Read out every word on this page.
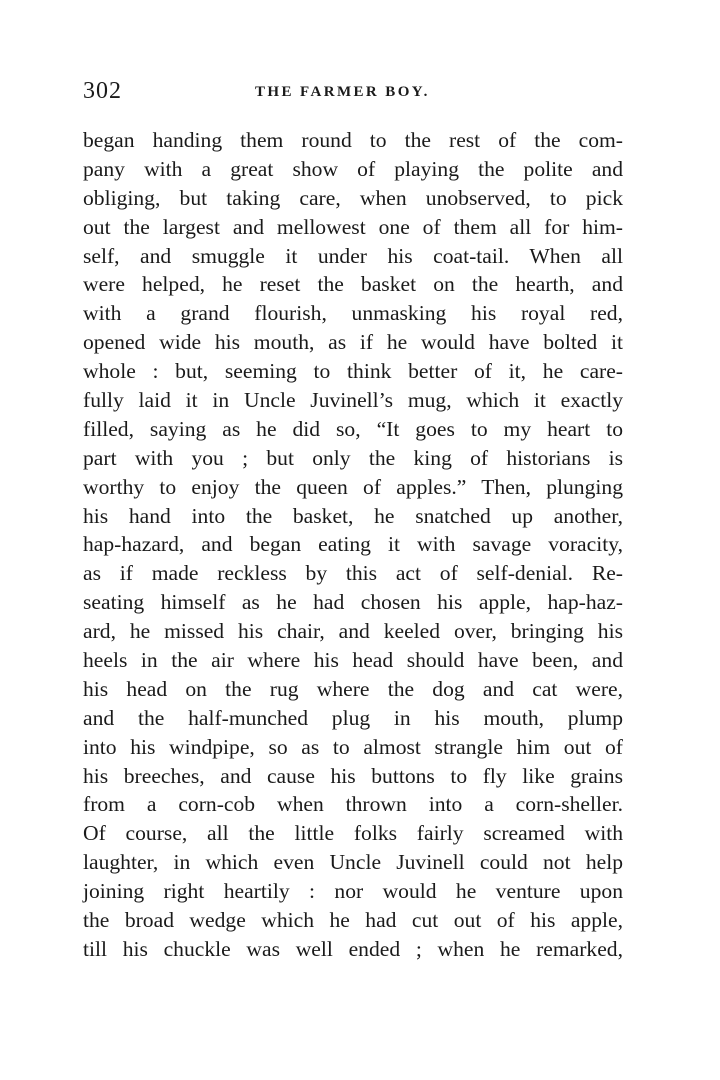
302	THE FARMER BOY.
began handing them round to the rest of the com-
pany with a great show of playing the polite and
obliging, but taking care, when unobserved, to pick
out the largest and mellowest one of them all for him-
self, and smuggle it under his coat-tail. When all
were helped, he reset the basket on the hearth, and
with a grand flourish, unmasking his royal red,
opened wide his mouth, as if he would have bolted it
whole : but, seeming to think better of it, he care-
fully laid it in Uncle Juvinell’s mug, which it exactly
filled, saying as he did so, “It goes to my heart to
part with you ; but only the king of historians is
worthy to enjoy the queen of apples.” Then, plunging
his hand into the basket, he snatched up another,
hap-hazard, and began eating it with savage voracity,
as if made reckless by this act of self-denial. Re-
seating himself as he had chosen his apple, hap-haz-
ard, he missed his chair, and keeled over, bringing his
heels in the air where his head should have been, and
his head on the rug where the dog and cat were,
and the half-munched plug in his mouth, plump
into his windpipe, so as to almost strangle him out of
his breeches, and cause his buttons to fly like grains
from a corn-cob when thrown into a corn-sheller.
Of course, all the little folks fairly screamed with
laughter, in which even Uncle Juvinell could not help
joining right heartily : nor would he venture upon
the broad wedge which he had cut out of his apple,
till his chuckle was well ended ; when he remarked,
